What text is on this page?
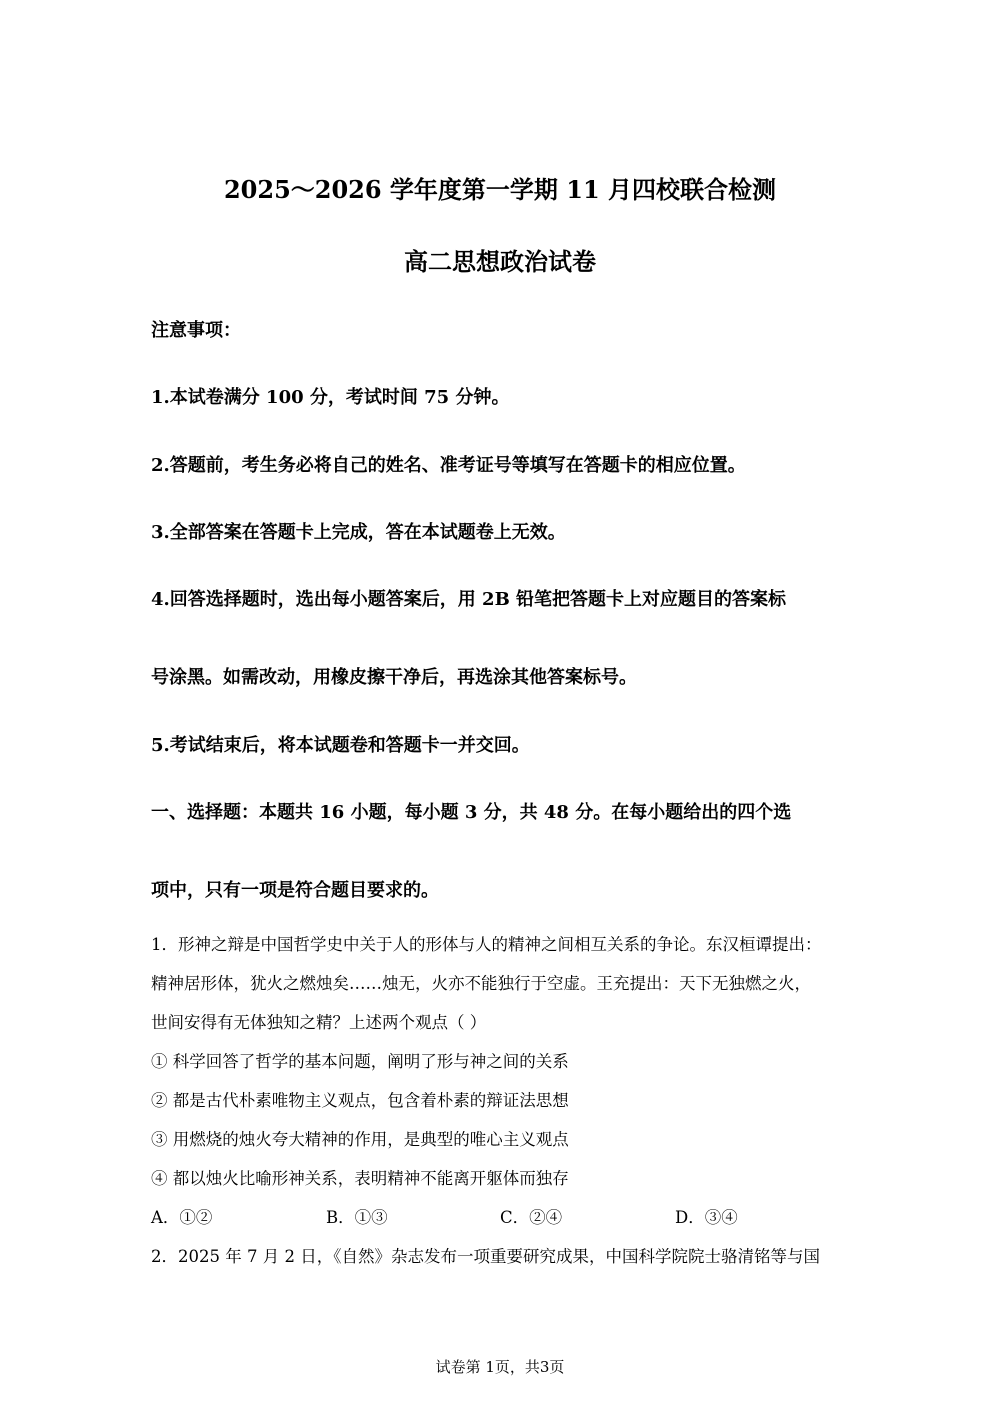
2025～2026 学年度第一学期 11 月四校联合检测
高二思想政治试卷
注意事项：
1.本试卷满分 100 分，考试时间 75 分钟。
2.答题前，考生务必将自己的姓名、准考证号等填写在答题卡的相应位置。
3.全部答案在答题卡上完成，答在本试题卷上无效。
4.回答选择题时，选出每小题答案后，用 2B 铅笔把答题卡上对应题目的答案标
号涂黑。如需改动，用橡皮擦干净后，再选涂其他答案标号。
5.考试结束后，将本试题卷和答题卡一并交回。
一、选择题：本题共 16 小题，每小题 3 分，共 48 分。在每小题给出的四个选
项中，只有一项是符合题目要求的。
1．形神之辩是中国哲学史中关于人的形体与人的精神之间相互关系的争论。东汉桓谭提出：
精神居形体，犹火之燃烛矣……烛无，火亦不能独行于空虚。王充提出：天下无独燃之火，
世间安得有无体独知之精？上述两个观点（ ）
① 科学回答了哲学的基本问题，阐明了形与神之间的关系
② 都是古代朴素唯物主义观点，包含着朴素的辩证法思想
③ 用燃烧的烛火夸大精神的作用，是典型的唯心主义观点
④ 都以烛火比喻形神关系，表明精神不能离开躯体而独存
A．①②	B．①③	C．②④	D．③④
2．2025 年 7 月 2 日，《自然》杂志发布一项重要研究成果，中国科学院院士骆清铭等与国
试卷第 1页，共3页
